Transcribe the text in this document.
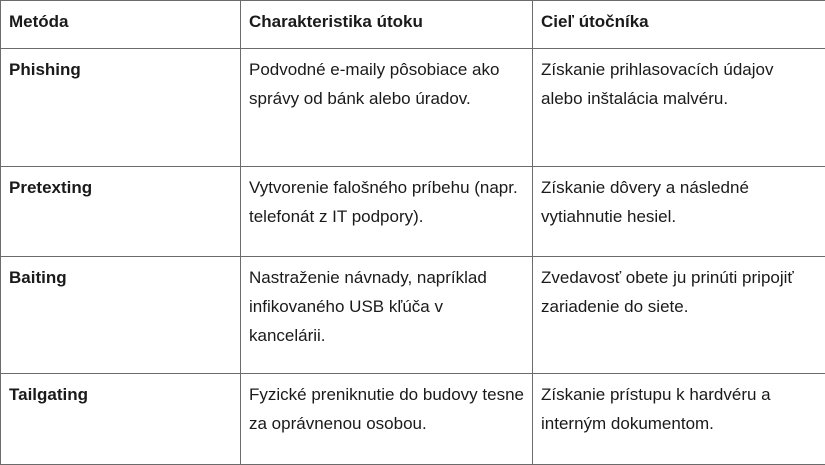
Metóda	Charakteristika útoku	Cieľ útočníka
Phishing	Podvodné e-maily pôsobiace ako správy od bánk alebo úradov.	Získanie prihlasovacích údajov alebo inštalácia malvéru.
Pretexting	Vytvorenie falošného príbehu (napr. telefonát z IT podpory).	Získanie dôvery a následné vytiahnutie hesiel.
Baiting	Nastraženie návnady, napríklad infikovaného USB kľúča v kancelárii.	Zvedavosť obete ju prinúti pripojiť zariadenie do siete.
Tailgating	Fyzické preniknutie do budovy tesne za oprávnenou osobou.	Získanie prístupu k hardvéru a interným dokumentom.
